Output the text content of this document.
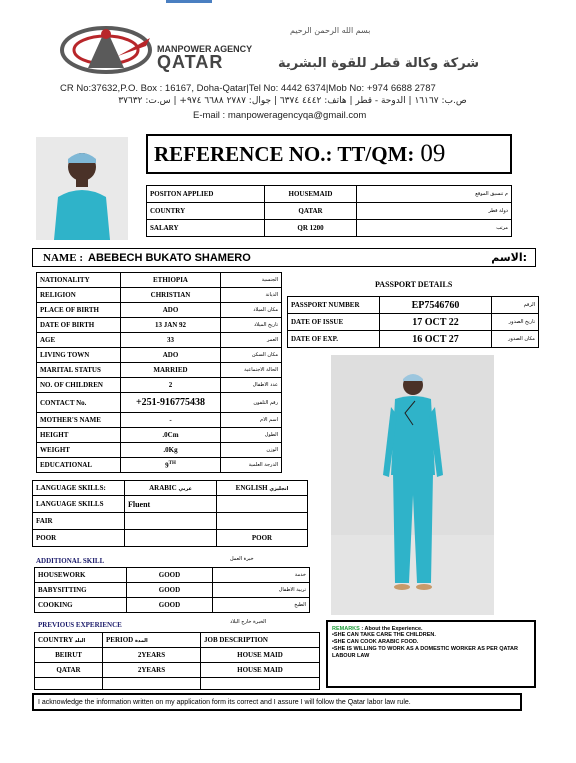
بسم الله الرحمن الرحيم
MANPOWER AGENCY
QATAR	شركة وكالة قطر للقوة البشرية
CR No:37632,P.O. Box : 16167, Doha-Qatar|Tel No: 4442 6374|Mob No: +974 6688 2787
ص.ب: ١٦١٦٧ | الدوحة - قطر | هاتف: ٤٤٤٢ ٦٣٧٤ | جوال: ٢٧٨٧ ٦٦٨٨ ٩٧٤+ | س.ت: ٣٧٦٣٢
E-mail : manpoweragencyqa@gmail.com
REFERENCE NO.: TT/QM: 09
POSITON APPLIED	HOUSEMAID	م تنسيق الموقع
COUNTRY	QATAR	دولة قطر
SALARY	QR 1200	مرتب
NAME : ABEBECH BUKATO SHAMERO	الاسم:
NATIONALITY	ETHIOPIA	الجنسية
RELIGION	CHRISTIAN	الديانة
PLACE OF BIRTH	ADO	مكان الميلاد
DATE OF BIRTH	13 JAN 92	تاريخ الميلاد
AGE	33	العمر
LIVING TOWN	ADO	مكان السكن
MARITAL STATUS	MARRIED	الحالة الاجتماعية
NO. OF CHILDREN	2	عدد الاطفال
CONTACT No.	+251-916775438	رقم التلفون
MOTHER'S NAME	-	اسم الام
HEIGHT	.0Cm	الطول
WEIGHT	.0Kg	الوزن
EDUCATIONAL	9TH	الدرجة العلمية
PASSPORT DETAILS
PASSPORT NUMBER	EP7546760	الرقم
DATE OF ISSUE	17 OCT 22	تاريخ الصدور
DATE OF EXP.	16 OCT 27	مكان الصدور
LANGUAGE SKILLS:	ARABIC عربي	ENGLISH انجليزي
LANGUAGE SKILLS	Fluent	
FAIR		
POOR		POOR
ADDITIONAL SKILL	خبرة العمل
HOUSEWORK	GOOD	خدمة
BABYSITTING	GOOD	تربية الاطفال
COOKING	GOOD	الطبخ
PREVIOUS EXPERIENCE	الخبرة خارج البلاد
COUNTRY البلد	PERIOD المدة	JOB DESCRIPTION
BEIRUT	2YEARS	HOUSE MAID
QATAR	2YEARS	HOUSE MAID

REMARKS : About the Experience.
•SHE CAN TAKE CARE THE CHILDREN.
•SHE CAN COOK ARABIC FOOD.
•SHE IS WILLING TO WORK AS A DOMESTIC WORKER AS PER QATAR LABOUR LAW
I acknowledge the information written on my application form its correct and I assure I will follow the Qatar labor law rule.
